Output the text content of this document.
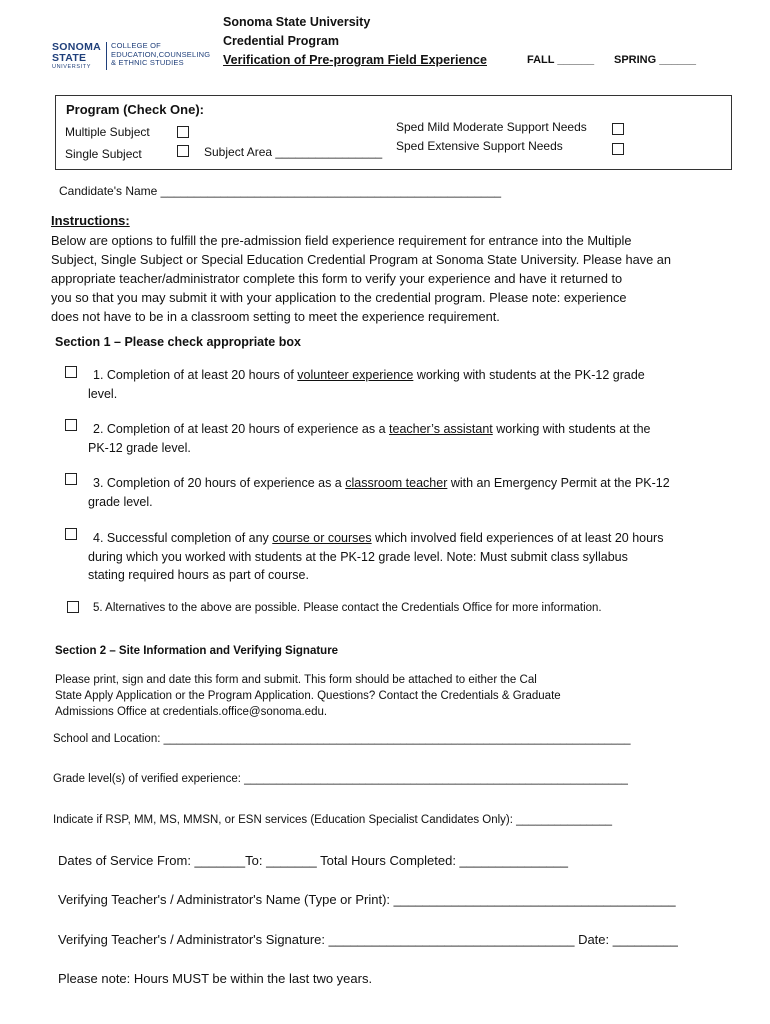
SONOMA
STATE
UNIVERSITY
COLLEGE OF
EDUCATION,COUNSELING
& ETHNIC STUDIES
Sonoma State University
Credential Program
Verification of Pre-program Field Experience	FALL ______ SPRING ______
Program (Check One):
Multiple Subject
Single Subject	Subject Area ________________
Sped Mild Moderate Support Needs
Sped Extensive Support Needs
Candidate's Name ___________________________________________________
Instructions:
Below are options to fulfill the pre-admission field experience requirement for entrance into the Multiple
Subject, Single Subject or Special Education Credential Program at Sonoma State University. Please have an
appropriate teacher/administrator complete this form to verify your experience and have it returned to
you so that you may submit it with your application to the credential program. Please note: experience
does not have to be in a classroom setting to meet the experience requirement.
Section 1 – Please check appropriate box
1. Completion of at least 20 hours of volunteer experience working with students at the PK-12 grade
level.
2. Completion of at least 20 hours of experience as a teacher’s assistant working with students at the
PK-12 grade level.
3. Completion of 20 hours of experience as a classroom teacher with an Emergency Permit at the PK-12
grade level.
4. Successful completion of any course or courses which involved field experiences of at least 20 hours
during which you worked with students at the PK-12 grade level. Note: Must submit class syllabus
stating required hours as part of course.
5. Alternatives to the above are possible. Please contact the Credentials Office for more information.
Section 2 – Site Information and Verifying Signature
Please print, sign and date this form and submit. This form should be attached to either the Cal
State Apply Application or the Program Application. Questions? Contact the Credentials & Graduate
Admissions Office at credentials.office@sonoma.edu.
School and Location: _________________________________________________________________________
Grade level(s) of verified experience: ____________________________________________________________
Indicate if RSP, MM, MS, MMSN, or ESN services (Education Specialist Candidates Only): _______________
Dates of Service From: _______To: _______ Total Hours Completed: _______________
Verifying Teacher's / Administrator's Name (Type or Print): _______________________________________
Verifying Teacher's / Administrator's Signature: __________________________________ Date: _________
Please note: Hours MUST be within the last two years.
